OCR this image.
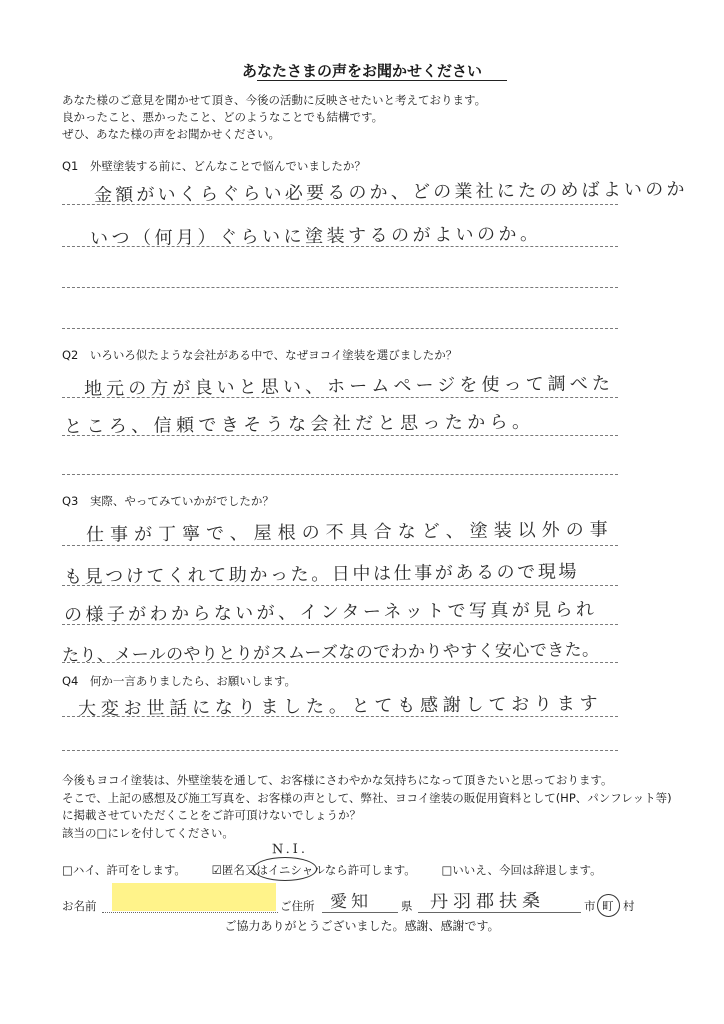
あなたさまの声をお聞かせください
あなた様のご意見を聞かせて頂き、今後の活動に反映させたいと考えております。
良かったこと、悪かったこと、どのようなことでも結構です。
ぜひ、あなた様の声をお聞かせください。
Q1　外壁塗装する前に、どんなことで悩んでいましたか？
金額がいくらぐらい必要るのか、どの業社にたのめばよいのか
いつ（何月）ぐらいに塗装するのがよいのか。
Q2　いろいろ似たような会社がある中で、なぜヨコイ塗装を選びましたか？
地元の方が良いと思い、ホームページを使って調べた
ところ、信頼できそうな会社だと思ったから。
Q3　実際、やってみていかがでしたか？
仕事が丁寧で、屋根の不具合など、塗装以外の事
も見つけてくれて助かった。日中は仕事があるので現場
の様子がわからないが、インターネットで写真が見られ
たり、メールのやりとりがスムーズなのでわかりやすく安心できた。
Q4　何か一言ありましたら、お願いします。
大変お世話になりました。とても感謝しております
今後もヨコイ塗装は、外壁塗装を通して、お客様にさわやかな気持ちになって頂きたいと思っております。
そこで、上記の感想及び施工写真を、お客様の声として、弊社、ヨコイ塗装の販促用資料として(HP、パンフレット等)
に掲載させていただくことをご許可頂けないでしょうか？
該当の□にレを付してください。
N.I.
□ハイ、許可をします。 ☑匿名又はイニシャルなら許可します。 □いいえ、今回は辞退します。
お名前	ご住所 愛知	県 丹羽郡扶桑	市 町 村
ご協力ありがとうございました。感謝、感謝です。
